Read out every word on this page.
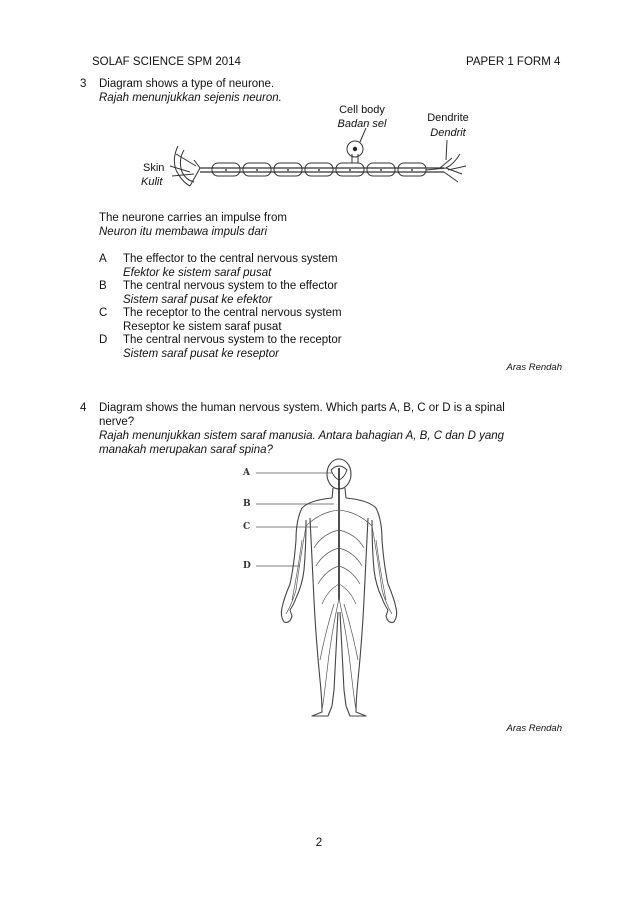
SOLAF SCIENCE SPM 2014	PAPER 1 FORM 4
3 Diagram shows a type of neurone.
Rajah menunjukkan sejenis neuron.
Cell body
Badan sel	Dendrite
Dendrit
Skin
Kulit
The neurone carries an impulse from
Neuron itu membawa impuls dari
A The effector to the central nervous system
Efektor ke sistem saraf pusat
B The central nervous system to the effector
Sistem saraf pusat ke efektor
C The receptor to the central nervous system
Reseptor ke sistem saraf pusat
D The central nervous system to the receptor
Sistem saraf pusat ke reseptor
Aras Rendah
4 Diagram shows the human nervous system. Which parts A, B, C or D is a spinal
nerve?
Rajah menunjukkan sistem saraf manusia. Antara bahagian A, B, C dan D yang
manakah merupakan saraf spina?
A
B
C
D
Aras Rendah
2
